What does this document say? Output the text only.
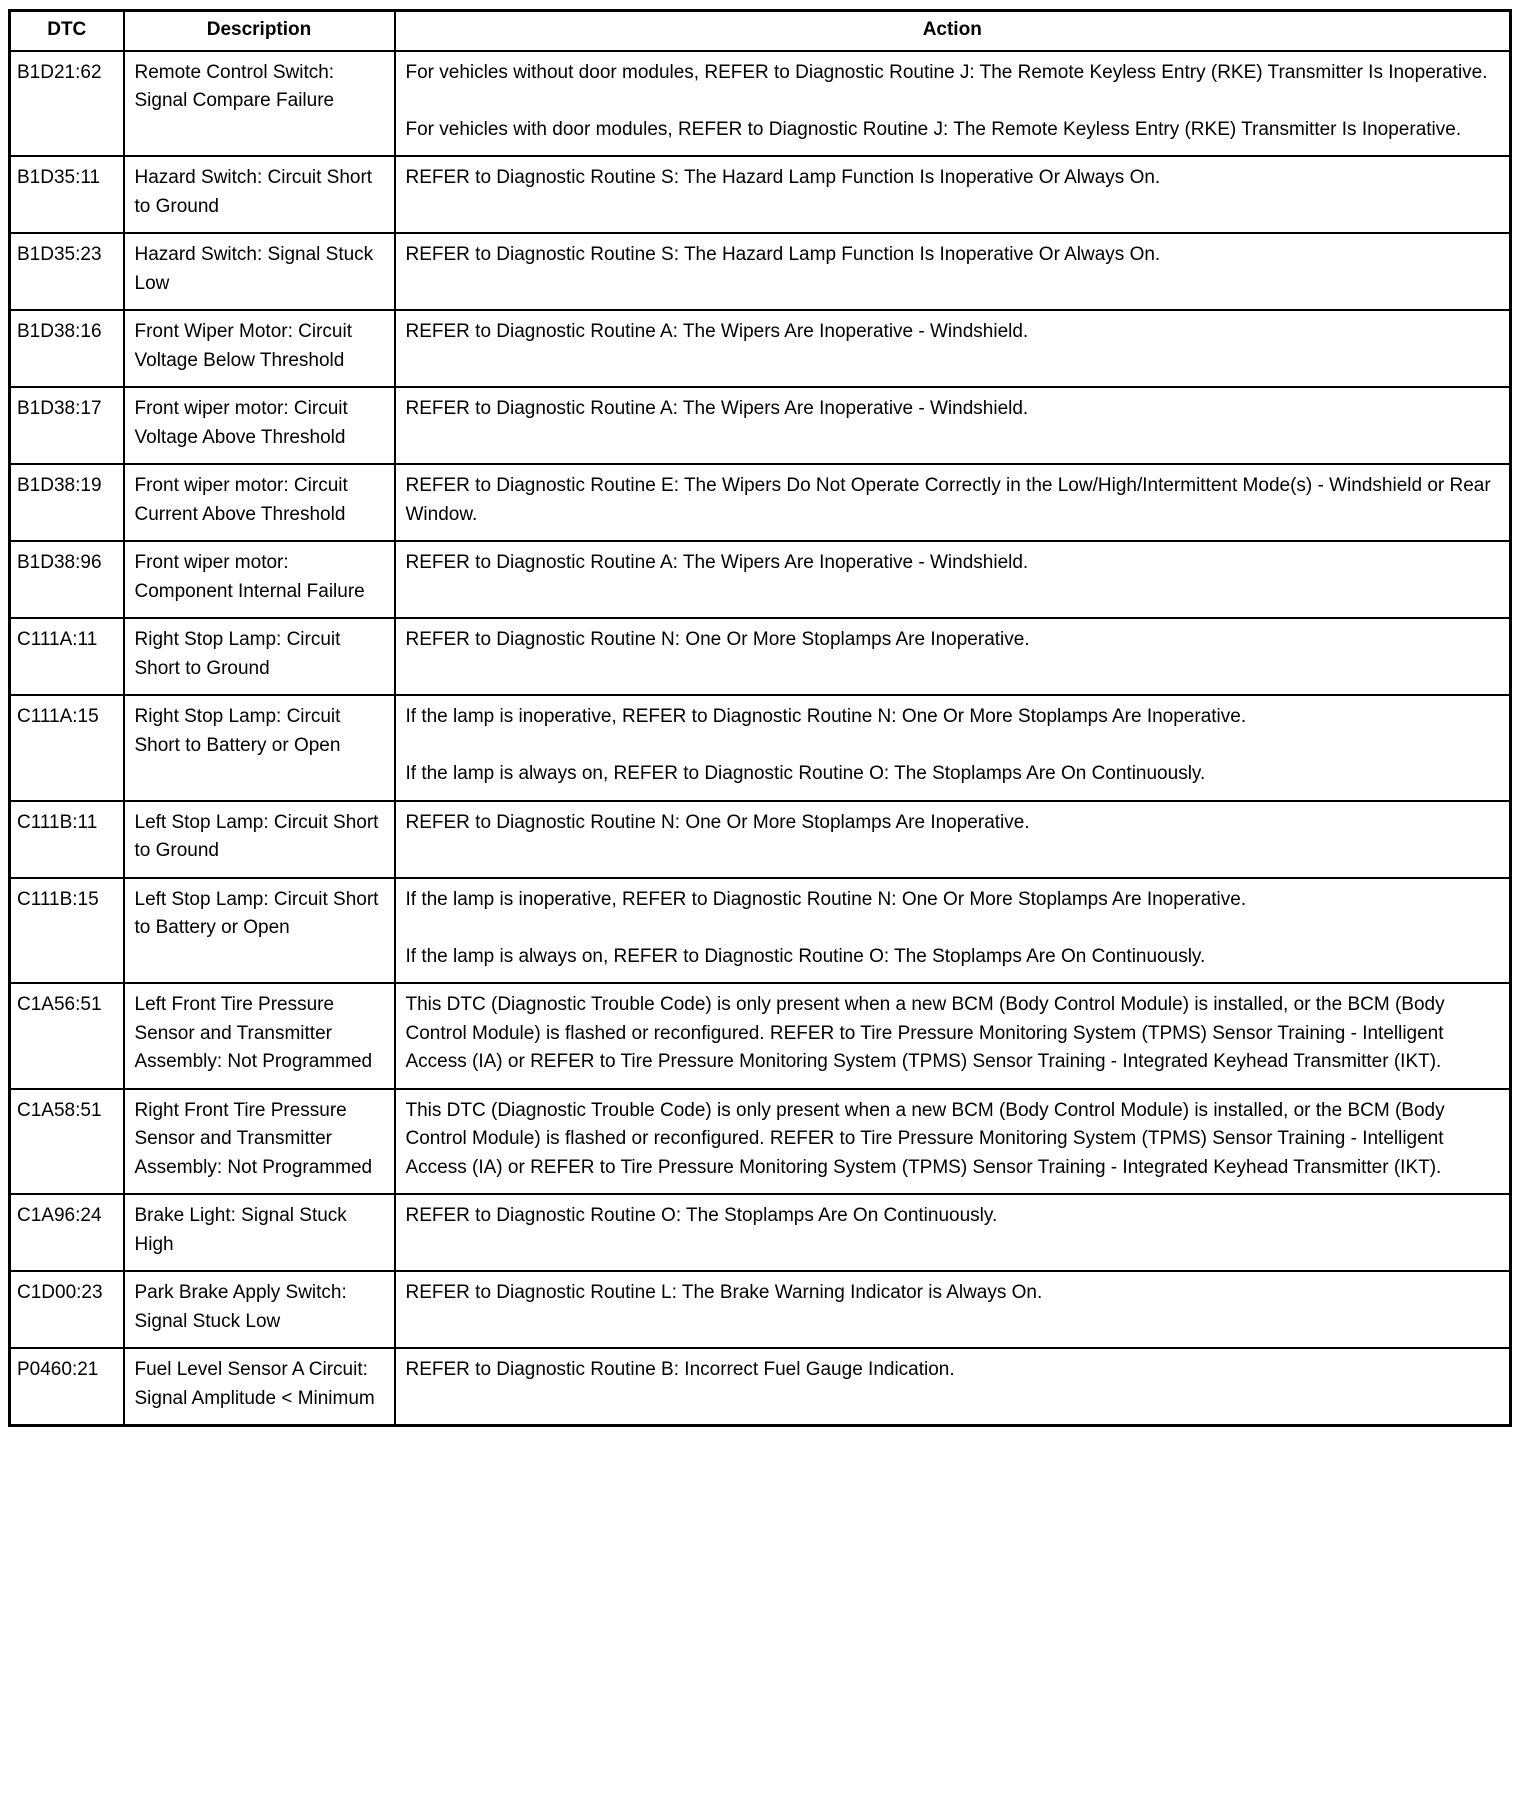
DTC	Description	Action
B1D21:62	Remote Control Switch: Signal Compare Failure	For vehicles without door modules, REFER to Diagnostic Routine J: The Remote Keyless Entry (RKE) Transmitter Is Inoperative.

For vehicles with door modules, REFER to Diagnostic Routine J: The Remote Keyless Entry (RKE) Transmitter Is Inoperative.

B1D35:11	Hazard Switch: Circuit Short to Ground	REFER to Diagnostic Routine S: The Hazard Lamp Function Is Inoperative Or Always On.

B1D35:23	Hazard Switch: Signal Stuck Low	REFER to Diagnostic Routine S: The Hazard Lamp Function Is Inoperative Or Always On.

B1D38:16	Front Wiper Motor: Circuit Voltage Below Threshold	REFER to Diagnostic Routine A: The Wipers Are Inoperative - Windshield.

B1D38:17	Front wiper motor: Circuit Voltage Above Threshold	REFER to Diagnostic Routine A: The Wipers Are Inoperative - Windshield.

B1D38:19	Front wiper motor: Circuit Current Above Threshold	REFER to Diagnostic Routine E: The Wipers Do Not Operate Correctly in the Low/High/Intermittent Mode(s) - Windshield or Rear Window.

B1D38:96	Front wiper motor: Component Internal Failure	REFER to Diagnostic Routine A: The Wipers Are Inoperative - Windshield.

C111A:11	Right Stop Lamp: Circuit Short to Ground	REFER to Diagnostic Routine N: One Or More Stoplamps Are Inoperative.

C111A:15	Right Stop Lamp: Circuit Short to Battery or Open	If the lamp is inoperative, REFER to Diagnostic Routine N: One Or More Stoplamps Are Inoperative.

If the lamp is always on, REFER to Diagnostic Routine O: The Stoplamps Are On Continuously.

C111B:11	Left Stop Lamp: Circuit Short to Ground	REFER to Diagnostic Routine N: One Or More Stoplamps Are Inoperative.

C111B:15	Left Stop Lamp: Circuit Short to Battery or Open	If the lamp is inoperative, REFER to Diagnostic Routine N: One Or More Stoplamps Are Inoperative.

If the lamp is always on, REFER to Diagnostic Routine O: The Stoplamps Are On Continuously.

C1A56:51	Left Front Tire Pressure Sensor and Transmitter Assembly: Not Programmed	This DTC (Diagnostic Trouble Code) is only present when a new BCM (Body Control Module) is installed, or the BCM (Body Control Module) is flashed or reconfigured. REFER to Tire Pressure Monitoring System (TPMS) Sensor Training - Intelligent Access (IA) or REFER to Tire Pressure Monitoring System (TPMS) Sensor Training - Integrated Keyhead Transmitter (IKT).

C1A58:51	Right Front Tire Pressure Sensor and Transmitter Assembly: Not Programmed	This DTC (Diagnostic Trouble Code) is only present when a new BCM (Body Control Module) is installed, or the BCM (Body Control Module) is flashed or reconfigured. REFER to Tire Pressure Monitoring System (TPMS) Sensor Training - Intelligent Access (IA) or REFER to Tire Pressure Monitoring System (TPMS) Sensor Training - Integrated Keyhead Transmitter (IKT).

C1A96:24	Brake Light: Signal Stuck High	REFER to Diagnostic Routine O: The Stoplamps Are On Continuously.

C1D00:23	Park Brake Apply Switch: Signal Stuck Low	REFER to Diagnostic Routine L: The Brake Warning Indicator is Always On.

P0460:21	Fuel Level Sensor A Circuit: Signal Amplitude < Minimum	REFER to Diagnostic Routine B: Incorrect Fuel Gauge Indication.
